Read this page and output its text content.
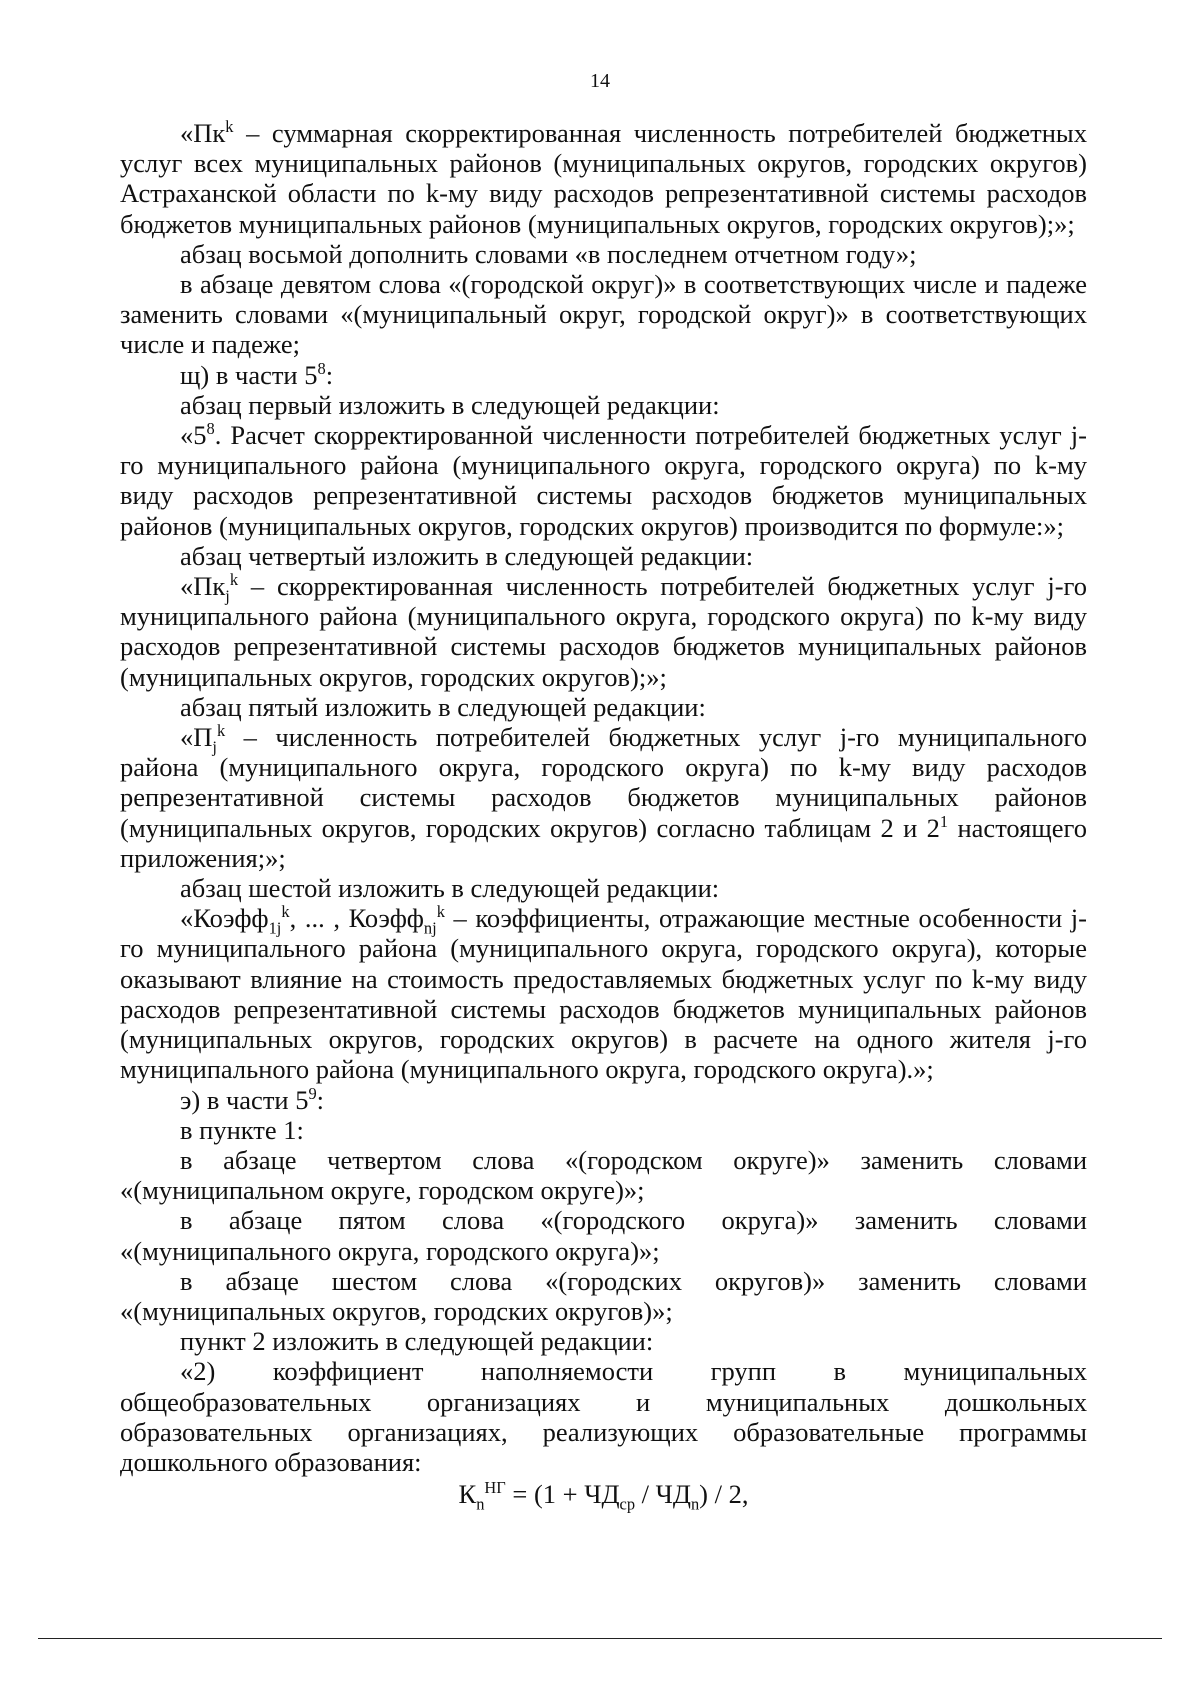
14

«$Пк^k$ – суммарная скорректированная численность потребителей бюджетных услуг всех муниципальных районов (муниципальных округов, городских округов) Астраханской области по k-му виду расходов репрезентативной системы расходов бюджетов муниципальных районов (муниципальных округов, городских округов);»;

абзац восьмой дополнить словами «в последнем отчетном году»;

в абзаце девятом слова «(городской округ)» в соответствующих числе и падеже заменить словами «(муниципальный округ, городской округ)» в соответствующих числе и падеже;

щ) в части $5^8$:

абзац первый изложить в следующей редакции:

«$5^8$. Расчет скорректированной численности потребителей бюджетных услуг j-го муниципального района (муниципального округа, городского округа) по k-му виду расходов репрезентативной системы расходов бюджетов муниципальных районов (муниципальных округов, городских округов) производится по формуле:»;

абзац четвертый изложить в следующей редакции:

«$Пк_j^k$ – скорректированная численность потребителей бюджетных услуг j-го муниципального района (муниципального округа, городского округа) по k-му виду расходов репрезентативной системы расходов бюджетов муниципальных районов (муниципальных округов, городских округов);»;

абзац пятый изложить в следующей редакции:

«$П_j^k$ – численность потребителей бюджетных услуг j-го муниципального района (муниципального округа, городского округа) по k-му виду расходов репрезентативной системы расходов бюджетов муниципальных районов (муниципальных округов, городских округов) согласно таблицам 2 и $2^1$ настоящего приложения;»;

абзац шестой изложить в следующей редакции:

«Коэфф$_{1j}^k$, ... , Коэфф$_{nj}^k$ – коэффициенты, отражающие местные особенности j-го муниципального района (муниципального округа, городского округа), которые оказывают влияние на стоимость предоставляемых бюджетных услуг по k-му виду расходов репрезентативной системы расходов бюджетов муниципальных районов (муниципальных округов, городских округов) в расчете на одного жителя j-го муниципального района (муниципального округа, городского округа).»;

э) в части $5^9$:

в пункте 1:

в абзаце четвертом слова «(городском округе)» заменить словами «(муниципальном округе, городском округе)»;

в абзаце пятом слова «(городского округа)» заменить словами «(муниципального округа, городского округа)»;

в абзаце шестом слова «(городских округов)» заменить словами «(муниципальных округов, городских округов)»;

пункт 2 изложить в следующей редакции:

«2) коэффициент наполняемости групп в муниципальных общеобразовательных организациях и муниципальных дошкольных образовательных организациях, реализующих образовательные программы дошкольного образования:

$К_n^{НГ} = (1 + ЧД_{ср} / ЧД_n) / 2$,
